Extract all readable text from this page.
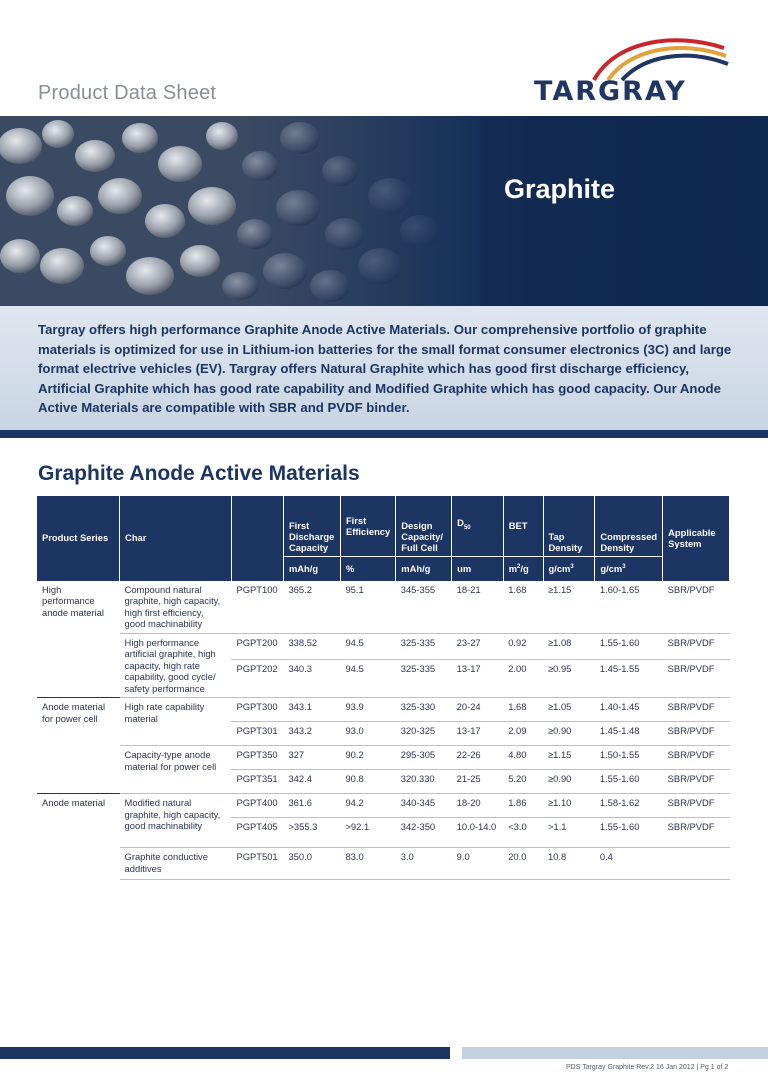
Product Data Sheet	TARGRAY
Graphite

Targray offers high performance Graphite Anode Active Materials. Our comprehensive portfolio of graphite materials is optimized for use in Lithium-ion batteries for the small format consumer electronics (3C) and large format electrive vehicles (EV). Targray offers Natural Graphite which has good first discharge efficiency, Artificial Graphite which has good rate capability and Modified Graphite which has good capacity. Our Anode Active Materials are compatible with SBR and PVDF binder.

Graphite Anode Active Materials
Product Series	Char		First Discharge Capacity	First Efficiency	Design Capacity/ Full Cell	$D_{50}$	BET	Tap Density	Compressed Density	Applicable System
			mAh/g	%	mAh/g	um	$m^2/g$	$g/cm^3$	$g/cm^3$
High performance anode material	Compound natural graphite, high capacity, high first efficiency, good machinability	PGPT100	365.2	95.1	345-355	18-21	1.68	≥1.15	1.60-1.65	SBR/PVDF
	High performance artificial graphite, high capacity, high rate capability, good cycle/ safety performance	PGPT200	338.52	94.5	325-335	23-27	0.92	≥1.08	1.55-1.60	SBR/PVDF
		PGPT202	340.3	94.5	325-335	13-17	2.00	≥0.95	1.45-1.55	SBR/PVDF
Anode material for power cell	High rate capability material	PGPT300	343.1	93.9	325-330	20-24	1.68	≥1.05	1.40-1.45	SBR/PVDF
		PGPT301	343.2	93.0	320-325	13-17	2.09	≥0.90	1.45-1.48	SBR/PVDF
	Capacity-type anode material for power cell	PGPT350	327	90.2	295-305	22-26	4.80	≥1.15	1.50-1.55	SBR/PVDF
		PGPT351	342.4	90.8	320.330	21-25	5.20	≥0.90	1.55-1.60	SBR/PVDF
Anode material	Modified natural graphite, high capacity, good machinability	PGPT400	361.6	94.2	340-345	18-20	1.86	≥1.10	1.58-1.62	SBR/PVDF
		PGPT405	>355.3	>92.1	342-350	10.0-14.0	<3.0	>1.1	1.55-1.60	SBR/PVDF
	Graphite conductive additives	PGPT501	350.0	83.0	3.0	9.0	20.0	10.8	0.4	
PDS Targray Graphite Rev.2 16 Jan 2012 | Pg 1 of 2
